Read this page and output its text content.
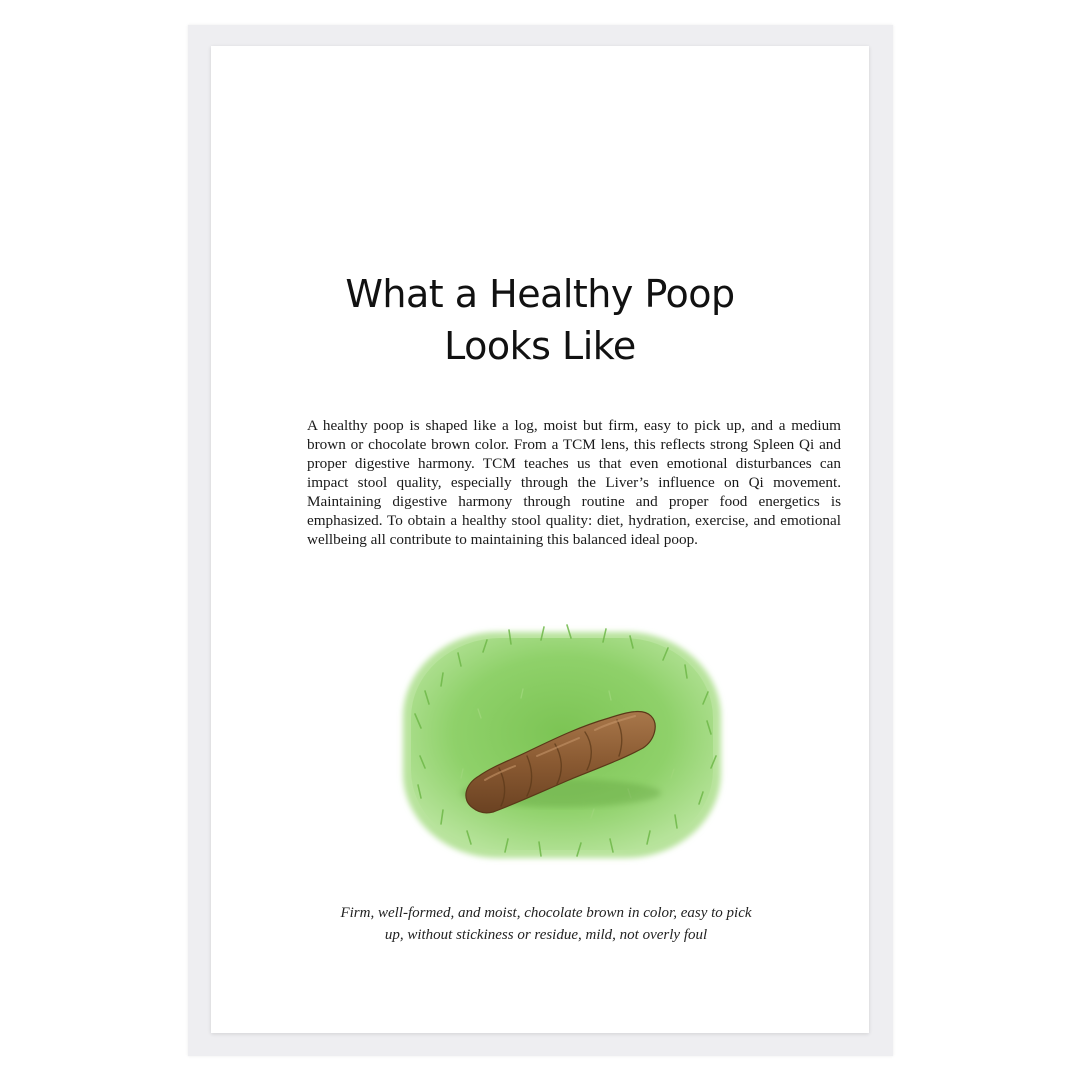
What a Healthy Poop
Looks Like

A healthy poop is shaped like a log, moist but firm, easy to pick up, and a medium brown or chocolate brown color. From a TCM lens, this reflects strong Spleen Qi and proper digestive harmony. TCM teaches us that even emotional disturbances can impact stool quality, especially through the Liver’s influence on Qi movement. Maintaining digestive harmony through routine and proper food energetics is emphasized. To obtain a healthy stool quality: diet, hydration, exercise, and emotional wellbeing all contribute to maintaining this balanced ideal poop.

Firm, well-formed, and moist, chocolate brown in color, easy to pick
up, without stickiness or residue, mild, not overly foul
